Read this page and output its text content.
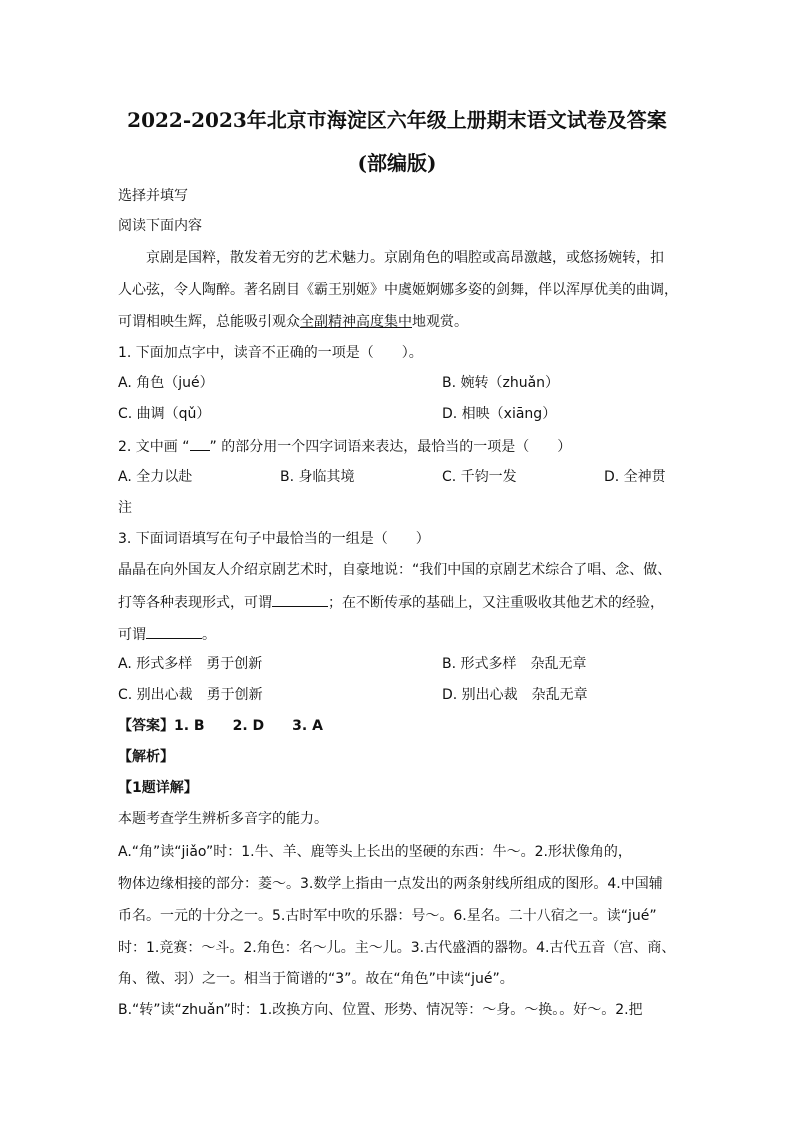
2022-2023年北京市海淀区六年级上册期末语文试卷及答案
(部编版)
选择并填写
阅读下面内容
京剧是国粹，散发着无穷的艺术魅力。京剧角色的唱腔或高昂激越，或悠扬婉转，扣
人心弦，令人陶醉。著名剧目《霸王别姬》中虞姬婀娜多姿的剑舞，伴以浑厚优美的曲调，
可谓相映生辉，总能吸引观众全副精神高度集中地观赏。
1. 下面加点字中，读音不正确的一项是（　　）。
A. 角色（jué）	B. 婉转（zhuǎn）
C. 曲调（qǔ）	D. 相映（xiāng）
2. 文中画 “ ” 的部分用一个四字词语来表达，最恰当的一项是（　　）
A. 全力以赴	B. 身临其境	C. 千钧一发	D. 全神贯
注
3. 下面词语填写在句子中最恰当的一组是（　　）
晶晶在向外国友人介绍京剧艺术时，自豪地说：“我们中国的京剧艺术综合了唱、念、做、
打等各种表现形式，可谓	；在不断传承的基础上，又注重吸收其他艺术的经验，
可谓	。
A. 形式多样　勇于创新	B. 形式多样　杂乱无章
C. 别出心裁　勇于创新	D. 别出心裁　杂乱无章
【答案】1. B　　2. D　　3. A
【解析】
【1题详解】
本题考查学生辨析多音字的能力。
A.“角”读“jiǎo”时：1.牛、羊、鹿等头上长出的坚硬的东西：牛～。2.形状像角的，
物体边缘相接的部分：菱～。3.数学上指由一点发出的两条射线所组成的图形。4.中国辅
币名。一元的十分之一。5.古时军中吹的乐器：号～。6.星名。二十八宿之一。读“jué”
时：1.竞赛：～斗。2.角色：名～儿。主～儿。3.古代盛酒的器物。4.古代五音（宫、商、
角、徵、羽）之一。相当于简谱的“3”。故在“角色”中读“jué”。
B.“转”读“zhuǎn”时：1.改换方向、位置、形势、情况等：～身。～换。。好～。2.把
